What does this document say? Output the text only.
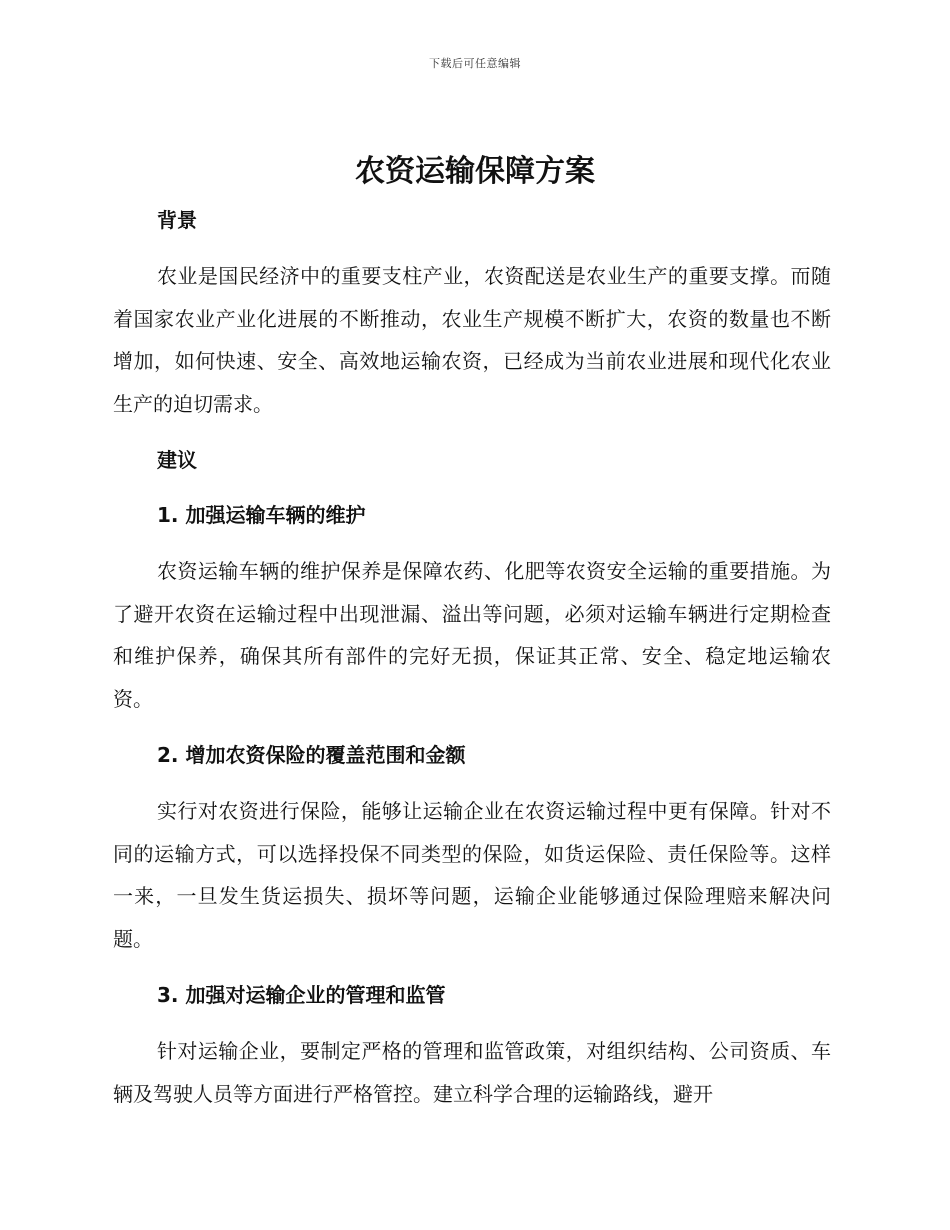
下载后可任意编辑
农资运输保障方案

背景

农业是国民经济中的重要支柱产业，农资配送是农业生产的重要支撑。而随着国家农业产业化进展的不断推动，农业生产规模不断扩大，农资的数量也不断增加，如何快速、安全、高效地运输农资，已经成为当前农业进展和现代化农业生产的迫切需求。

建议

1. 加强运输车辆的维护

农资运输车辆的维护保养是保障农药、化肥等农资安全运输的重要措施。为了避开农资在运输过程中出现泄漏、溢出等问题，必须对运输车辆进行定期检查和维护保养，确保其所有部件的完好无损，保证其正常、安全、稳定地运输农资。

2. 增加农资保险的覆盖范围和金额

实行对农资进行保险，能够让运输企业在农资运输过程中更有保障。针对不同的运输方式，可以选择投保不同类型的保险，如货运保险、责任保险等。这样一来，一旦发生货运损失、损坏等问题，运输企业能够通过保险理赔来解决问题。

3. 加强对运输企业的管理和监管

针对运输企业，要制定严格的管理和监管政策，对组织结构、公司资质、车辆及驾驶人员等方面进行严格管控。建立科学合理的运输路线，避开
